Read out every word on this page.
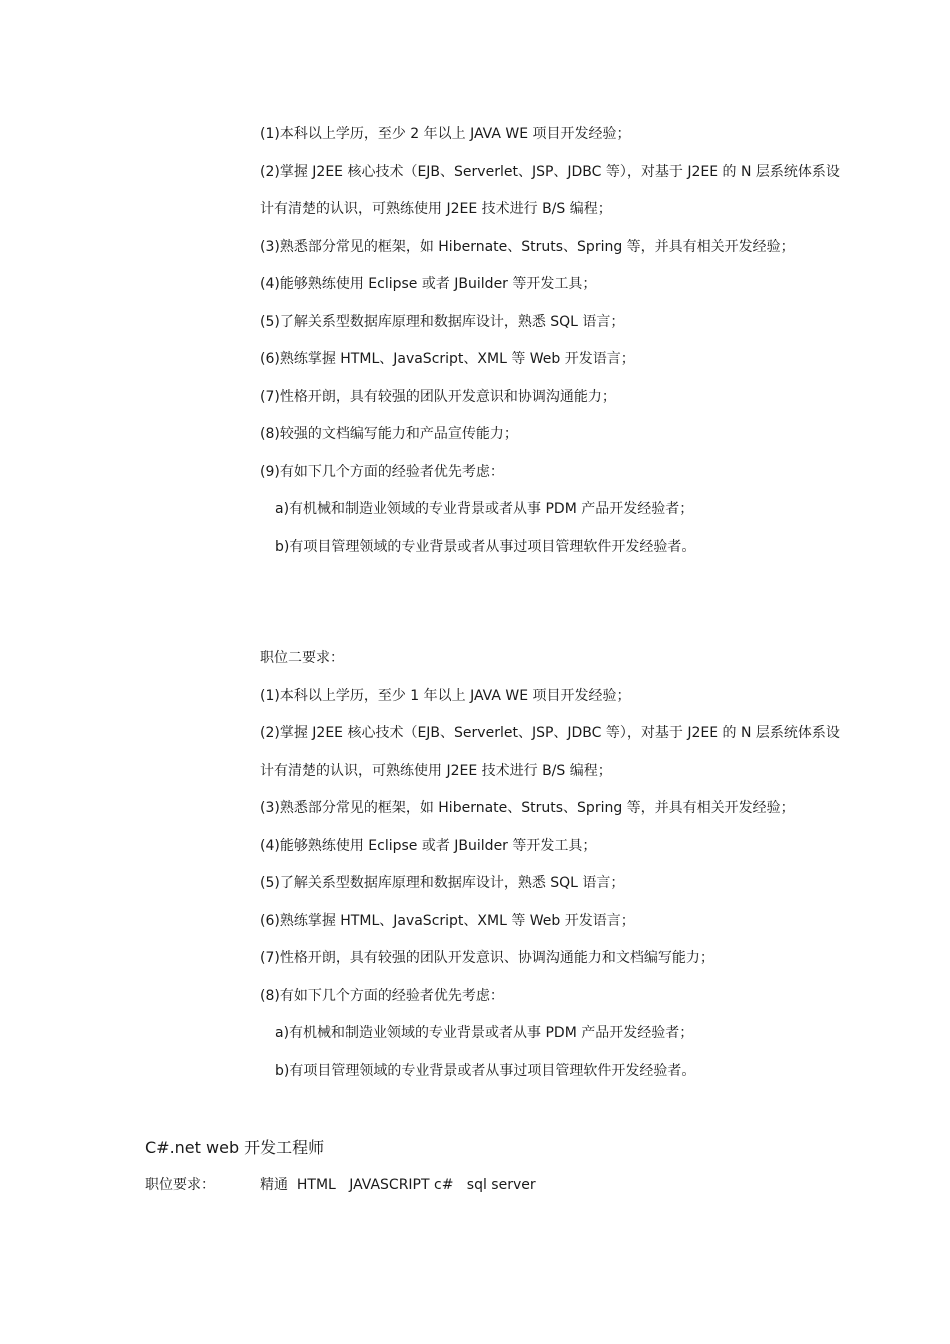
(1)本科以上学历，至少 2 年以上 JAVA WE 项目开发经验；

(2)掌握 J2EE 核心技术（EJB、Serverlet、JSP、JDBC 等），对基于 J2EE 的 N 层系统体系设

计有清楚的认识，可熟练使用 J2EE 技术进行 B/S 编程；

(3)熟悉部分常见的框架，如 Hibernate、Struts、Spring 等，并具有相关开发经验；

(4)能够熟练使用 Eclipse 或者 JBuilder 等开发工具；

(5)了解关系型数据库原理和数据库设计，熟悉 SQL 语言；

(6)熟练掌握 HTML、JavaScript、XML 等 Web 开发语言；

(7)性格开朗，具有较强的团队开发意识和协调沟通能力；

(8)较强的文档编写能力和产品宣传能力；

(9)有如下几个方面的经验者优先考虑：

a)有机械和制造业领域的专业背景或者从事 PDM 产品开发经验者；

b)有项目管理领域的专业背景或者从事过项目管理软件开发经验者。

职位二要求：

(1)本科以上学历，至少 1 年以上 JAVA WE 项目开发经验；

(2)掌握 J2EE 核心技术（EJB、Serverlet、JSP、JDBC 等），对基于 J2EE 的 N 层系统体系设

计有清楚的认识，可熟练使用 J2EE 技术进行 B/S 编程；

(3)熟悉部分常见的框架，如 Hibernate、Struts、Spring 等，并具有相关开发经验；

(4)能够熟练使用 Eclipse 或者 JBuilder 等开发工具；

(5)了解关系型数据库原理和数据库设计，熟悉 SQL 语言；

(6)熟练掌握 HTML、JavaScript、XML 等 Web 开发语言；

(7)性格开朗，具有较强的团队开发意识、协调沟通能力和文档编写能力；

(8)有如下几个方面的经验者优先考虑：

a)有机械和制造业领域的专业背景或者从事 PDM 产品开发经验者；

b)有项目管理领域的专业背景或者从事过项目管理软件开发经验者。

C#.net web 开发工程师
职位要求：	精通  HTML   JAVASCRIPT c#   sql server
